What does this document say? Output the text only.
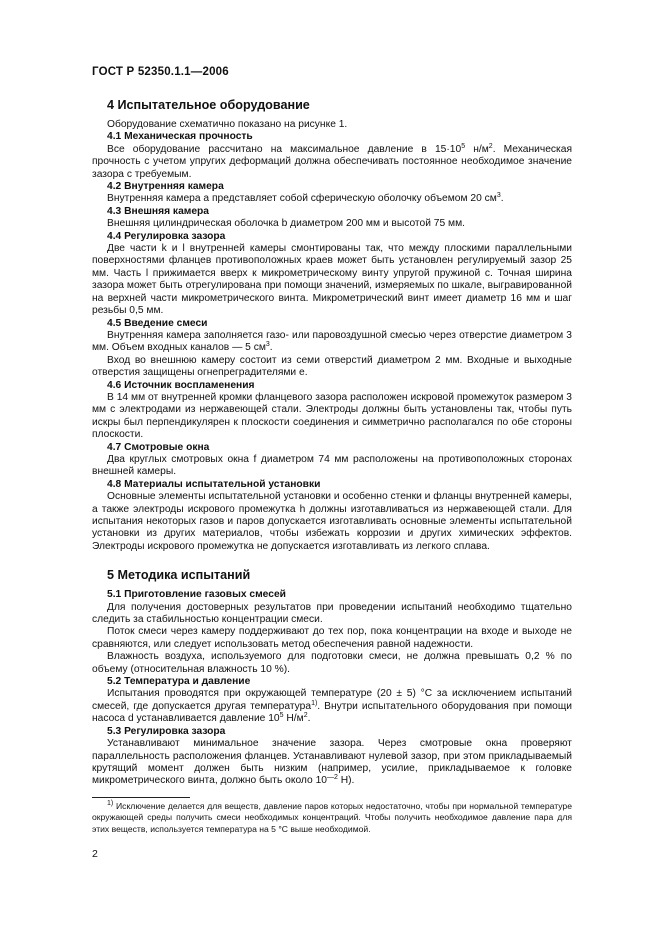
ГОСТ Р 52350.1.1—2006
4 Испытательное оборудование

Оборудование схематично показано на рисунке 1.

4.1 Механическая прочность

Все оборудование рассчитано на максимальное давление в $15\cdot 10^5$ $н/м^2$. Механическая прочность с учетом упругих деформаций должна обеспечивать постоянное необходимое значение зазора с требуемым.

4.2 Внутренняя камера

Внутренняя камера a представляет собой сферическую оболочку объемом 20 $см^3$.

4.3 Внешняя камера

Внешняя цилиндрическая оболочка b диаметром 200 мм и высотой 75 мм.

4.4 Регулировка зазора

Две части k и l внутренней камеры смонтированы так, что между плоскими параллельными поверхностями фланцев противоположных краев может быть установлен регулируемый зазор 25 мм. Часть l прижимается вверх к микрометрическому винту упругой пружиной c. Точная ширина зазора может быть отрегулирована при помощи значений, измеряемых по шкале, выгравированной на верхней части микрометрического винта. Микрометрический винт имеет диаметр 16 мм и шаг резьбы 0,5 мм.

4.5 Введение смеси

Внутренняя камера заполняется газо- или паровоздушной смесью через отверстие диаметром 3 мм. Объем входных каналов — 5 $см^3$.

Вход во внешнюю камеру состоит из семи отверстий диаметром 2 мм. Входные и выходные отверстия защищены огнепреградителями e.

4.6 Источник воспламенения

В 14 мм от внутренней кромки фланцевого зазора расположен искровой промежуток размером 3 мм с электродами из нержавеющей стали. Электроды должны быть установлены так, чтобы путь искры был перпендикулярен к плоскости соединения и симметрично располагался по обе стороны плоскости.

4.7 Смотровые окна

Два круглых смотровых окна f диаметром 74 мм расположены на противоположных сторонах внешней камеры.

4.8 Материалы испытательной установки

Основные элементы испытательной установки и особенно стенки и фланцы внутренней камеры, а также электроды искрового промежутка h должны изготавливаться из нержавеющей стали. Для испытания некоторых газов и паров допускается изготавливать основные элементы испытательной установки из других материалов, чтобы избежать коррозии и других химических эффектов. Электроды искрового промежутка не допускается изготавливать из легкого сплава.

5 Методика испытаний
5.1 Приготовление газовых смесей

Для получения достоверных результатов при проведении испытаний необходимо тщательно следить за стабильностью концентрации смеси.

Поток смеси через камеру поддерживают до тех пор, пока концентрации на входе и выходе не сравняются, или следует использовать метод обеспечения равной надежности.

Влажность воздуха, используемого для подготовки смеси, не должна превышать 0,2 % по объему (относительная влажность 10 %).

5.2 Температура и давление

Испытания проводятся при окружающей температуре (20 ± 5) °С за исключением испытаний смесей, где допускается другая температура$^{1)}$. Внутри испытательного оборудования при помощи насоса d устанавливается давление $10^5$ $Н/м^2$.

5.3 Регулировка зазора

Устанавливают минимальное значение зазора. Через смотровые окна проверяют параллельность расположения фланцев. Устанавливают нулевой зазор, при этом прикладываемый крутящий момент должен быть низким (например, усилие, прикладываемое к головке микрометрического винта, должно быть около $10^{—2}$ Н).

$^{1)}$ Исключение делается для веществ, давление паров которых недостаточно, чтобы при нормальной температуре окружающей среды получить смеси необходимых концентраций. Чтобы получить необходимое давление пара для этих веществ, используется температура на 5 °С выше необходимой.
2
